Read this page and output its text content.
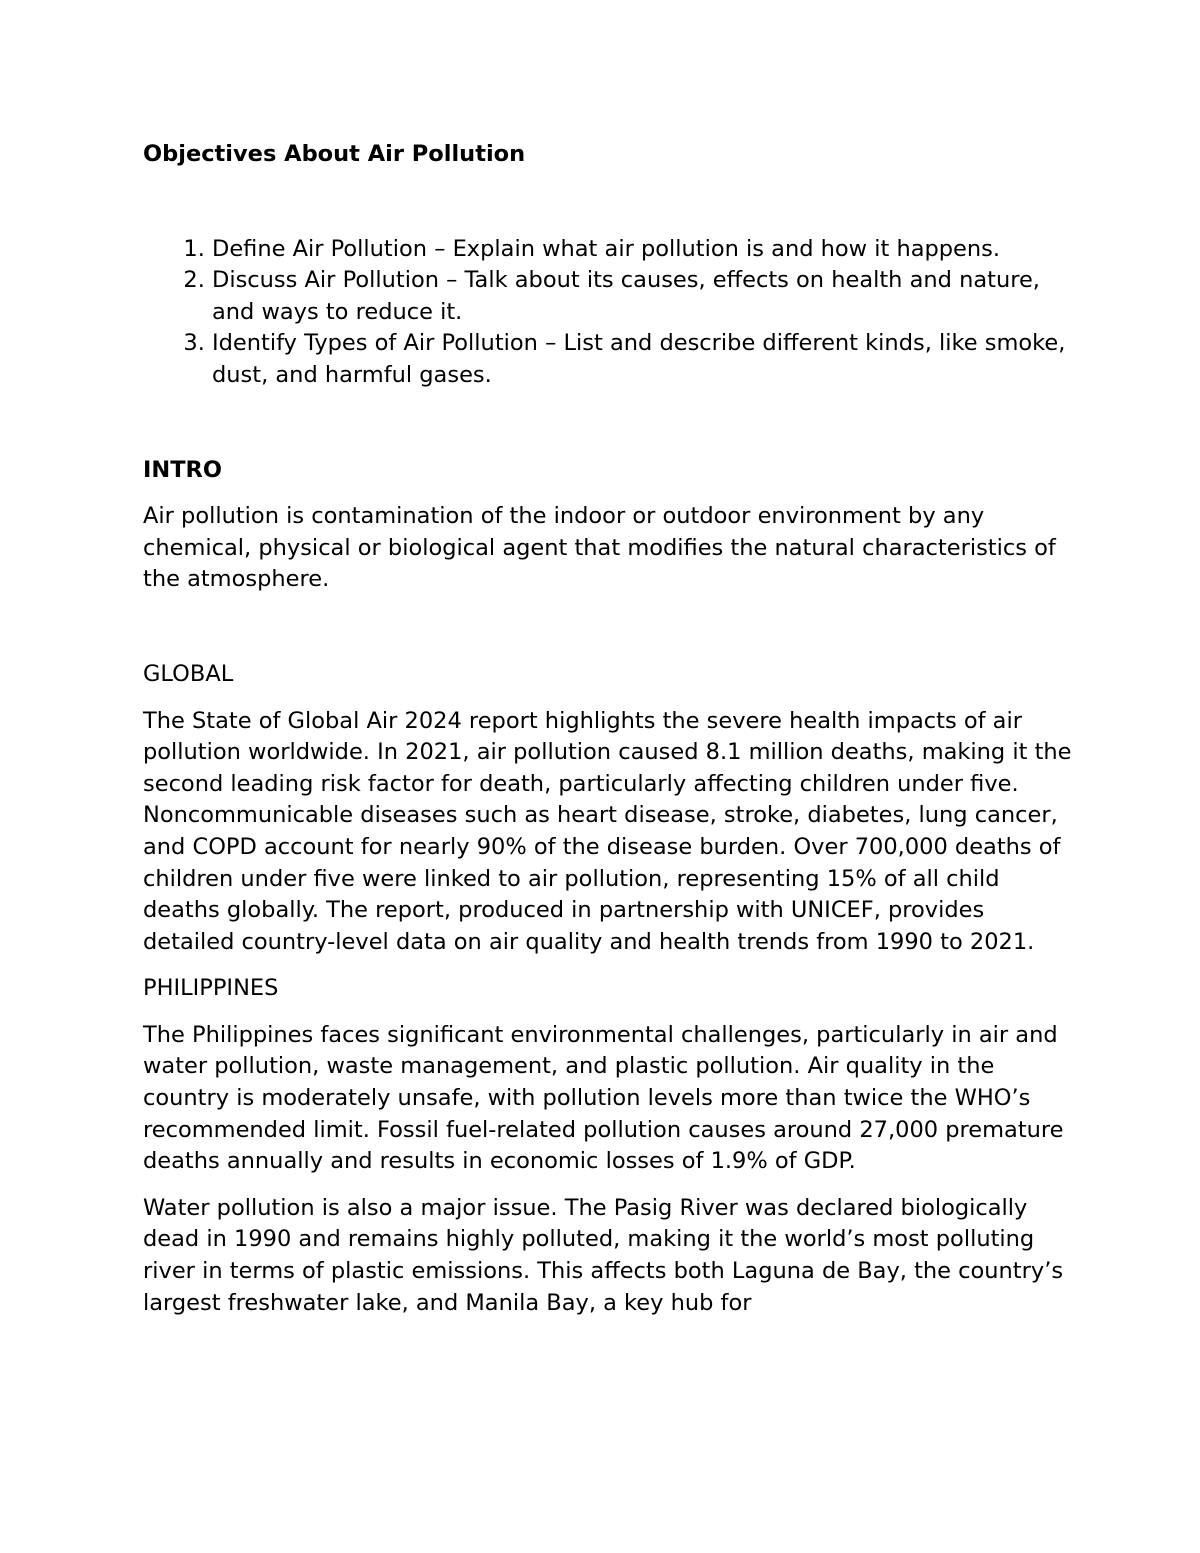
Objectives About Air Pollution

1. Define Air Pollution – Explain what air pollution is and how it happens.
2. Discuss Air Pollution – Talk about its causes, effects on health and nature, and ways to reduce it.
3. Identify Types of Air Pollution – List and describe different kinds, like smoke, dust, and harmful gases.

INTRO

Air pollution is contamination of the indoor or outdoor environment by any chemical, physical or biological agent that modifies the natural characteristics of the atmosphere.

GLOBAL

The State of Global Air 2024 report highlights the severe health impacts of air pollution worldwide. In 2021, air pollution caused 8.1 million deaths, making it the second leading risk factor for death, particularly affecting children under five. Noncommunicable diseases such as heart disease, stroke, diabetes, lung cancer, and COPD account for nearly 90% of the disease burden. Over 700,000 deaths of children under five were linked to air pollution, representing 15% of all child deaths globally. The report, produced in partnership with UNICEF, provides detailed country-level data on air quality and health trends from 1990 to 2021.

PHILIPPINES

The Philippines faces significant environmental challenges, particularly in air and water pollution, waste management, and plastic pollution. Air quality in the country is moderately unsafe, with pollution levels more than twice the WHO’s recommended limit. Fossil fuel-related pollution causes around 27,000 premature deaths annually and results in economic losses of 1.9% of GDP.

Water pollution is also a major issue. The Pasig River was declared biologically dead in 1990 and remains highly polluted, making it the world’s most polluting river in terms of plastic emissions. This affects both Laguna de Bay, the country’s largest freshwater lake, and Manila Bay, a key hub for
